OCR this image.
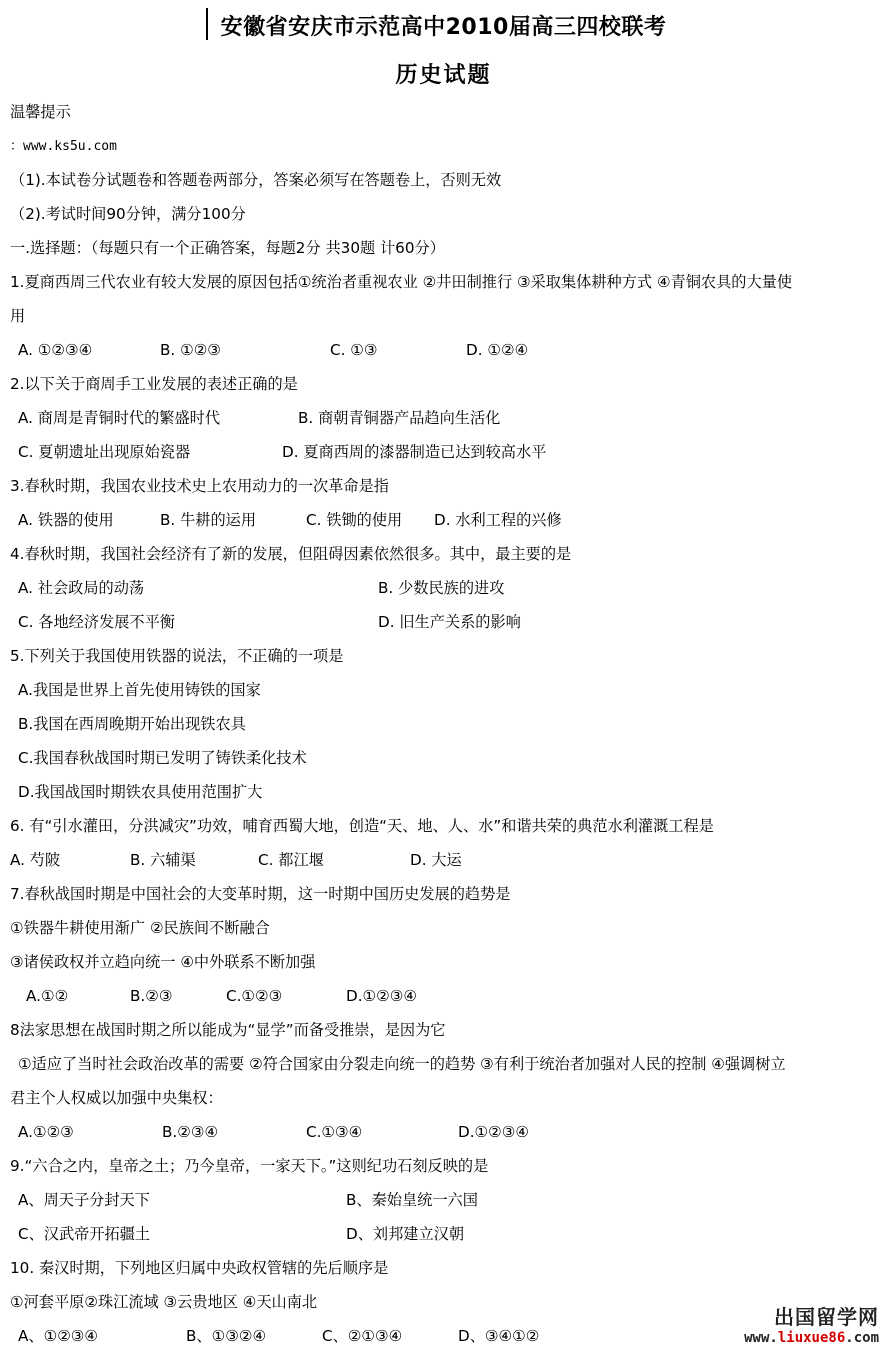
安徽省安庆市示范高中2010届高三四校联考
历史试题
温馨提示
：www.ks5u.com
（1).本试卷分试题卷和答题卷两部分，答案必须写在答题卷上，否则无效
（2).考试时间90分钟，满分100分
一.选择题：（每题只有一个正确答案，每题2分 共30题 计60分）
1.夏商西周三代农业有较大发展的原因包括①统治者重视农业 ②井田制推行 ③采取集体耕种方式 ④青铜农具的大量使
用
A. ①②③④	B. ①②③	C. ①③	D. ①②④
2.以下关于商周手工业发展的表述正确的是
A. 商周是青铜时代的繁盛时代	B. 商朝青铜器产品趋向生活化
C. 夏朝遗址出现原始瓷器	D. 夏商西周的漆器制造已达到较高水平
3.春秋时期，我国农业技术史上农用动力的一次革命是指
A. 铁器的使用	B. 牛耕的运用	C. 铁锄的使用 D. 水利工程的兴修
4.春秋时期，我国社会经济有了新的发展，但阻碍因素依然很多。其中，最主要的是
A. 社会政局的动荡	B. 少数民族的进攻
C. 各地经济发展不平衡	D. 旧生产关系的影响
5.下列关于我国使用铁器的说法，不正确的一项是
A.我国是世界上首先使用铸铁的国家
B.我国在西周晚期开始出现铁农具
C.我国春秋战国时期已发明了铸铁柔化技术
D.我国战国时期铁农具使用范围扩大
6. 有“引水灌田，分洪减灾”功效，哺育西蜀大地，创造“天、地、人、水”和谐共荣的典范水利灌溉工程是
A. 芍陂	B. 六辅渠	C. 都江堰	D. 大运
7.春秋战国时期是中国社会的大变革时期，这一时期中国历史发展的趋势是
①铁器牛耕使用渐广 ②民族间不断融合
③诸侯政权并立趋向统一 ④中外联系不断加强
A.①②	B.②③	C.①②③	D.①②③④
8法家思想在战国时期之所以能成为“显学”而备受推崇，是因为它
①适应了当时社会政治改革的需要 ②符合国家由分裂走向统一的趋势 ③有利于统治者加强对人民的控制 ④强调树立
君主个人权威以加强中央集权：
A.①②③	B.②③④	C.①③④	D.①②③④
9.“六合之内，皇帝之土；乃今皇帝，一家天下。”这则纪功石刻反映的是
A、周天子分封天下	B、秦始皇统一六国
C、汉武帝开拓疆土	D、刘邦建立汉朝
10. 秦汉时期，下列地区归属中央政权管辖的先后顺序是
①河套平原②珠江流域 ③云贵地区 ④天山南北
A、①②③④	B、①③②④	C、②①③④	D、③④①②
出国留学网
www.liuxue86.com
